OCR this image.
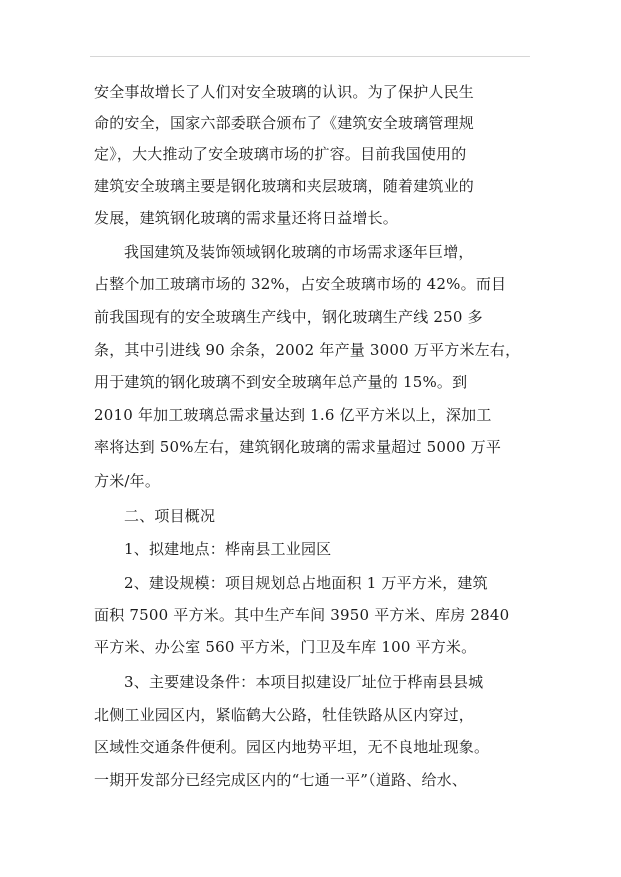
安全事故增长了人们对安全玻璃的认识。为了保护人民生
命的安全，国家六部委联合颁布了《建筑安全玻璃管理规
定》，大大推动了安全玻璃市场的扩容。目前我国使用的
建筑安全玻璃主要是钢化玻璃和夹层玻璃，随着建筑业的
发展，建筑钢化玻璃的需求量还将日益增长。
我国建筑及装饰领域钢化玻璃的市场需求逐年巨增，
占整个加工玻璃市场的 32%，占安全玻璃市场的 42%。而目
前我国现有的安全玻璃生产线中，钢化玻璃生产线 250 多
条，其中引进线 90 余条，2002 年产量 3000 万平方米左右，
用于建筑的钢化玻璃不到安全玻璃年总产量的 15%。到
2010 年加工玻璃总需求量达到 1.6 亿平方米以上，深加工
率将达到 50%左右，建筑钢化玻璃的需求量超过 5000 万平
方米/年。
二、项目概况
1、拟建地点：桦南县工业园区
2、建设规模：项目规划总占地面积 1 万平方米，建筑
面积 7500 平方米。其中生产车间 3950 平方米、库房 2840
平方米、办公室 560 平方米，门卫及车库 100 平方米。
3、主要建设条件：本项目拟建设厂址位于桦南县县城
北侧工业园区内，紧临鹤大公路，牡佳铁路从区内穿过，
区域性交通条件便利。园区内地势平坦，无不良地址现象。
一期开发部分已经完成区内的“七通一平”（道路、给水、
